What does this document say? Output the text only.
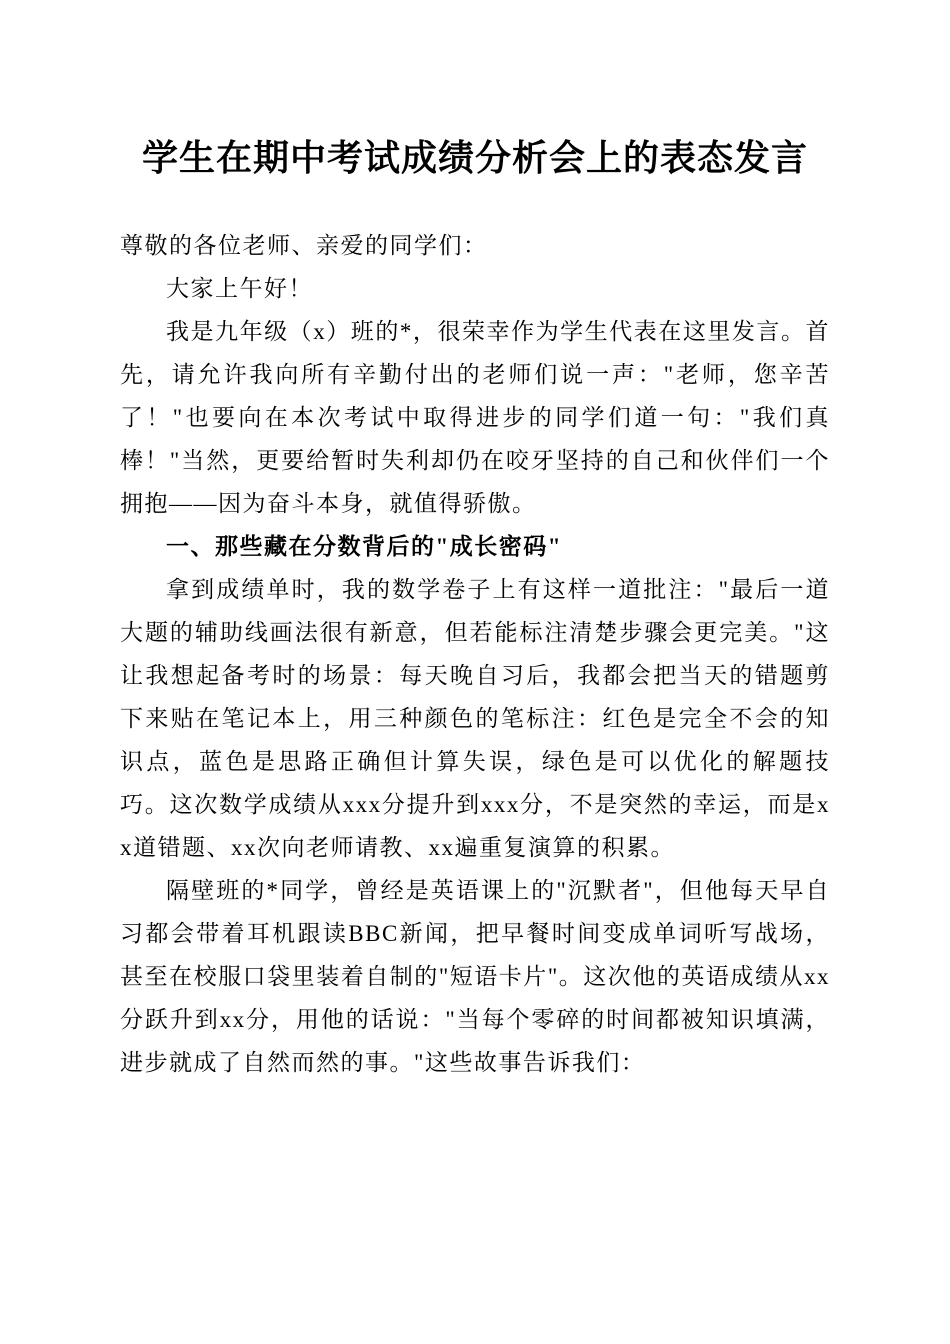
学生在期中考试成绩分析会上的表态发言

尊敬的各位老师、亲爱的同学们：

大家上午好！

我是九年级（x）班的*，很荣幸作为学生代表在这里发言。首先，请允许我向所有辛勤付出的老师们说一声："老师，您辛苦了！"也要向在本次考试中取得进步的同学们道一句："我们真棒！"当然，更要给暂时失利却仍在咬牙坚持的自己和伙伴们一个拥抱——因为奋斗本身，就值得骄傲。

一、那些藏在分数背后的"成长密码"

拿到成绩单时，我的数学卷子上有这样一道批注："最后一道大题的辅助线画法很有新意，但若能标注清楚步骤会更完美。"这让我想起备考时的场景：每天晚自习后，我都会把当天的错题剪下来贴在笔记本上，用三种颜色的笔标注：红色是完全不会的知识点，蓝色是思路正确但计算失误，绿色是可以优化的解题技巧。这次数学成绩从xxx分提升到xxx分，不是突然的幸运，而是xx道错题、xx次向老师请教、xx遍重复演算的积累。

隔壁班的*同学，曾经是英语课上的"沉默者"，但他每天早自习都会带着耳机跟读BBC新闻，把早餐时间变成单词听写战场，甚至在校服口袋里装着自制的"短语卡片"。这次他的英语成绩从xx分跃升到xx分，用他的话说："当每个零碎的时间都被知识填满，进步就成了自然而然的事。"这些故事告诉我们：
